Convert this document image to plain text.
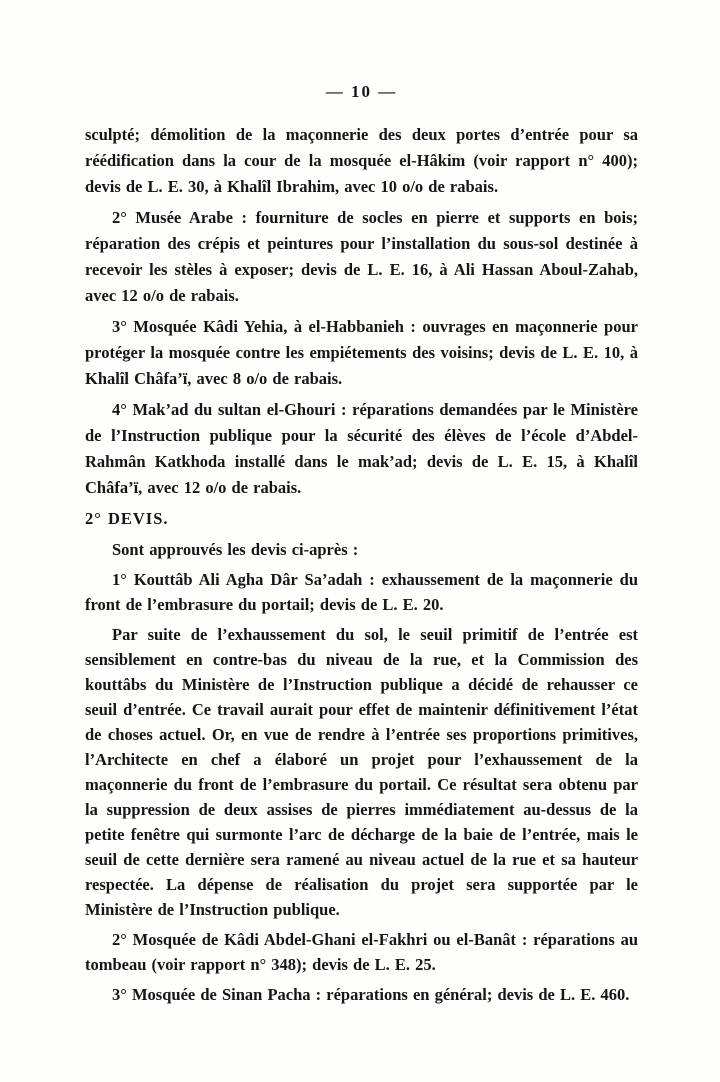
— 10 —

sculpté; démolition de la maçonnerie des deux portes d’entrée pour sa réédification dans la cour de la mosquée el-Hâkim (voir rapport n° 400); devis de L. E. 30, à Khalîl Ibrahim, avec 10 o/o de rabais.

2° Musée Arabe : fourniture de socles en pierre et supports en bois; réparation des crépis et peintures pour l’installation du sous-sol destinée à recevoir les stèles à exposer; devis de L. E. 16, à Ali Hassan Aboul-Zahab, avec 12 o/o de rabais.

3° Mosquée Kâdi Yehia, à el-Habbanieh : ouvrages en maçonnerie pour protéger la mosquée contre les empiétements des voisins; devis de L. E. 10, à Khalîl Châfa’ï, avec 8 o/o de rabais.

4° Mak’ad du sultan el-Ghouri : réparations demandées par le Ministère de l’Instruction publique pour la sécurité des élèves de l’école d’Abdel-Rahmân Katkhoda installé dans le mak’ad; devis de L. E. 15, à Khalîl Châfa’ï, avec 12 o/o de rabais.

2° DEVIS.

Sont approuvés les devis ci-après :

1° Kouttâb Ali Agha Dâr Sa’adah : exhaussement de la maçonnerie du front de l’embrasure du portail; devis de L. E. 20.

Par suite de l’exhaussement du sol, le seuil primitif de l’entrée est sensiblement en contre-bas du niveau de la rue, et la Commission des kouttâbs du Ministère de l’Instruction publique a décidé de rehausser ce seuil d’entrée. Ce travail aurait pour effet de maintenir définitivement l’état de choses actuel. Or, en vue de rendre à l’entrée ses proportions primitives, l’Architecte en chef a élaboré un projet pour l’exhaussement de la maçonnerie du front de l’embrasure du portail. Ce résultat sera obtenu par la suppression de deux assises de pierres immédiatement au-dessus de la petite fenêtre qui surmonte l’arc de décharge de la baie de l’entrée, mais le seuil de cette dernière sera ramené au niveau actuel de la rue et sa hauteur respectée. La dépense de réalisation du projet sera supportée par le Ministère de l’Instruction publique.

2° Mosquée de Kâdi Abdel-Ghani el-Fakhri ou el-Banât : réparations au tombeau (voir rapport n° 348); devis de L. E. 25.

3° Mosquée de Sinan Pacha : réparations en général; devis de L. E. 460.
